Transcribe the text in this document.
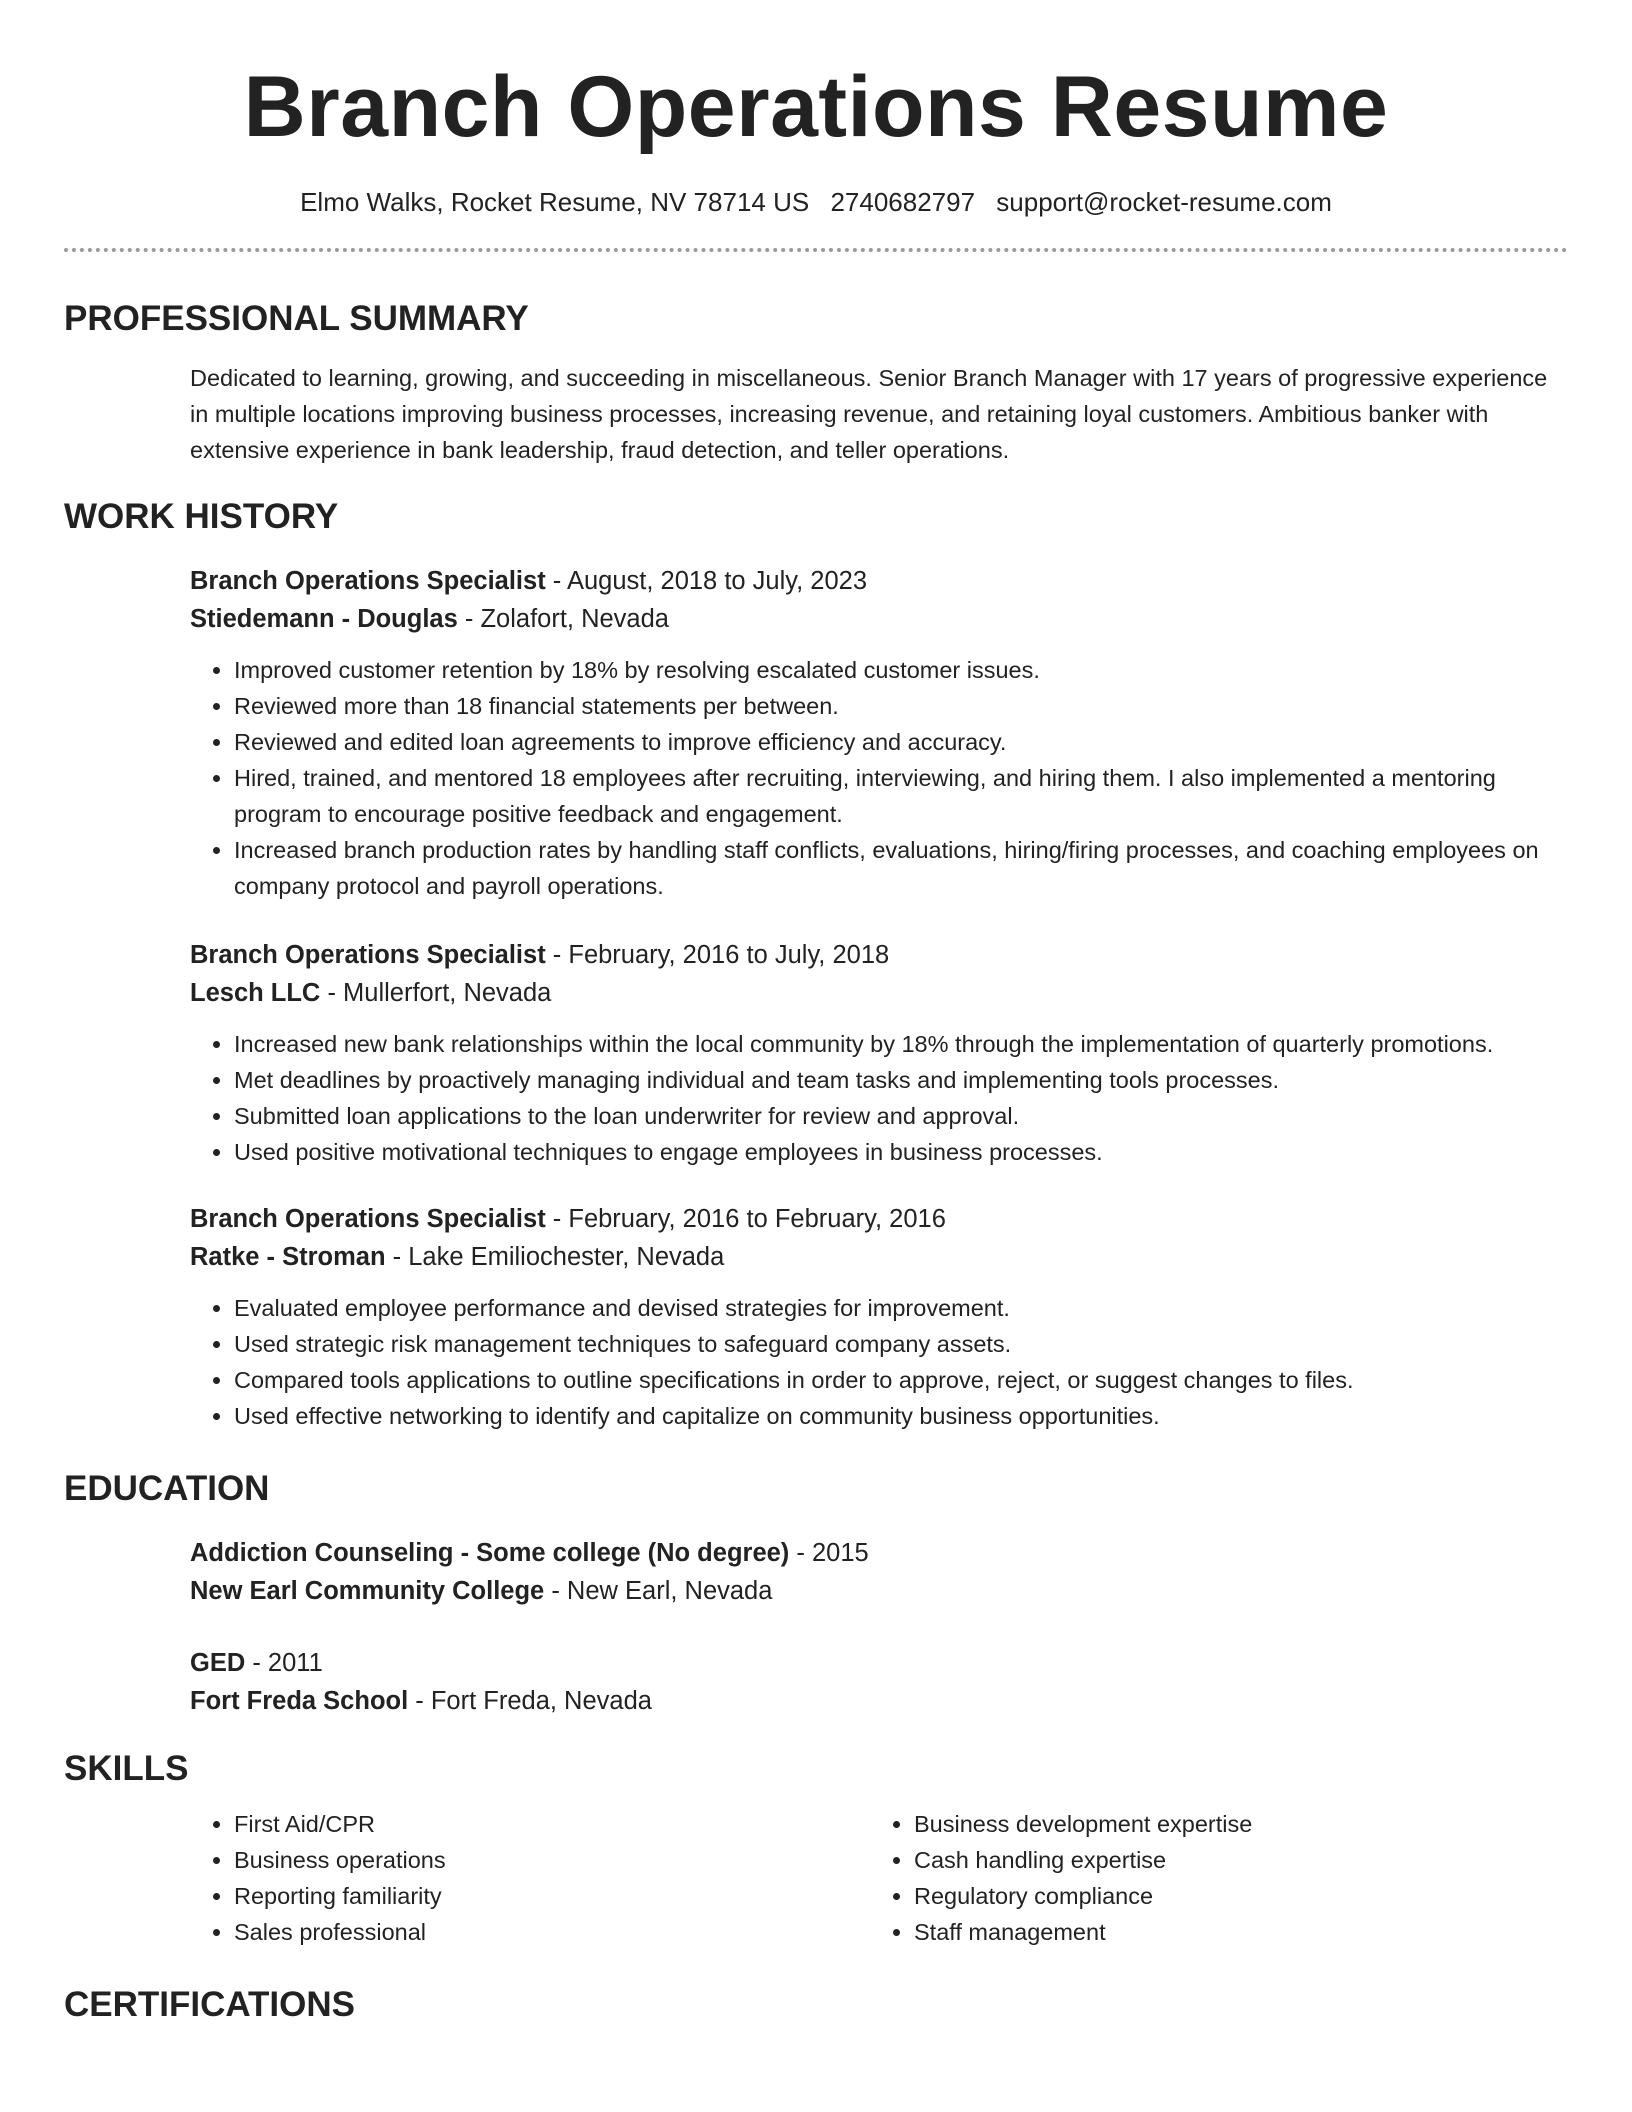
Branch Operations Resume
Elmo Walks, Rocket Resume, NV 78714 US 2740682797 support@rocket-resume.com
PROFESSIONAL SUMMARY
Dedicated to learning, growing, and succeeding in miscellaneous. Senior Branch Manager with 17 years of progressive experience in multiple locations improving business processes, increasing revenue, and retaining loyal customers. Ambitious banker with extensive experience in bank leadership, fraud detection, and teller operations.
WORK HISTORY
Branch Operations Specialist - August, 2018 to July, 2023
Stiedemann - Douglas - Zolafort, Nevada
• Improved customer retention by 18% by resolving escalated customer issues.
• Reviewed more than 18 financial statements per between.
• Reviewed and edited loan agreements to improve efficiency and accuracy.
• Hired, trained, and mentored 18 employees after recruiting, interviewing, and hiring them. I also implemented a mentoring program to encourage positive feedback and engagement.
• Increased branch production rates by handling staff conflicts, evaluations, hiring/firing processes, and coaching employees on company protocol and payroll operations.
Branch Operations Specialist - February, 2016 to July, 2018
Lesch LLC - Mullerfort, Nevada
• Increased new bank relationships within the local community by 18% through the implementation of quarterly promotions.
• Met deadlines by proactively managing individual and team tasks and implementing tools processes.
• Submitted loan applications to the loan underwriter for review and approval.
• Used positive motivational techniques to engage employees in business processes.
Branch Operations Specialist - February, 2016 to February, 2016
Ratke - Stroman - Lake Emiliochester, Nevada
• Evaluated employee performance and devised strategies for improvement.
• Used strategic risk management techniques to safeguard company assets.
• Compared tools applications to outline specifications in order to approve, reject, or suggest changes to files.
• Used effective networking to identify and capitalize on community business opportunities.
EDUCATION
Addiction Counseling - Some college (No degree) - 2015
New Earl Community College - New Earl, Nevada
GED - 2011
Fort Freda School - Fort Freda, Nevada
SKILLS
• First Aid/CPR
• Business operations
• Reporting familiarity
• Sales professional
• Business development expertise
• Cash handling expertise
• Regulatory compliance
• Staff management
CERTIFICATIONS
